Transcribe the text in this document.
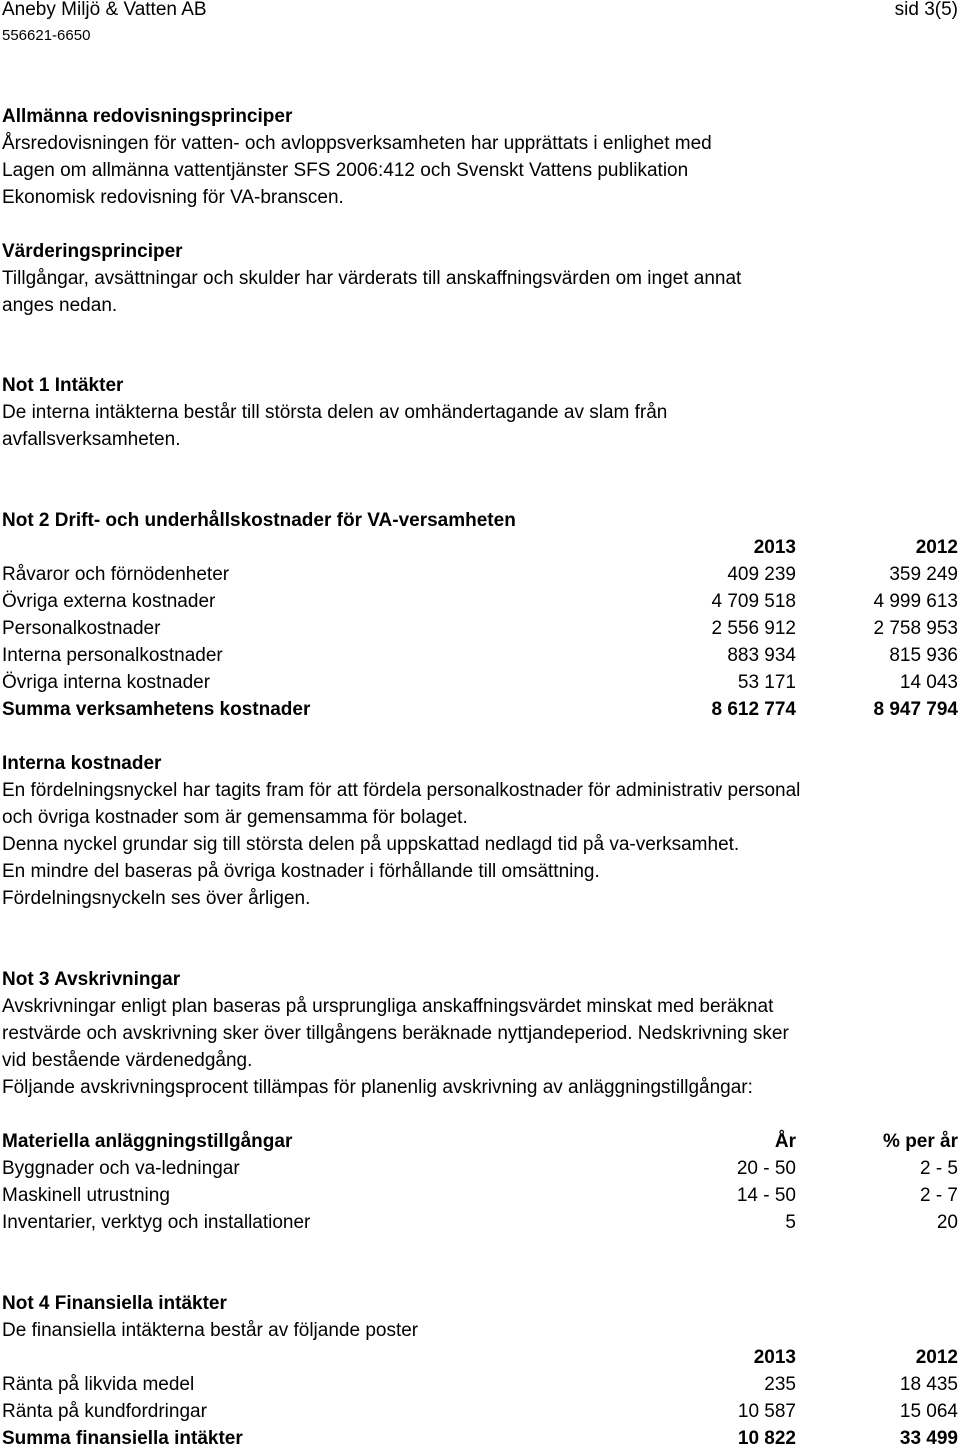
Aneby Miljö & Vatten AB
556621-6650
sid 3(5)
Allmänna redovisningsprinciper
Årsredovisningen för vatten- och avloppsverksamheten har upprättats i enlighet med
Lagen om allmänna vattentjänster SFS 2006:412 och Svenskt Vattens publikation
Ekonomisk redovisning för VA-branscen.
Värderingsprinciper
Tillgångar, avsättningar och skulder har värderats till anskaffningsvärden om inget annat
anges nedan.
Not 1 Intäkter
De interna intäkterna består till största delen av omhändertagande av slam från
avfallsverksamheten.
Not 2 Drift- och underhållskostnader för VA-versamheten
2013	2012
Råvaror och förnödenheter	409 239	359 249
Övriga externa kostnader	4 709 518	4 999 613
Personalkostnader	2 556 912	2 758 953
Interna personalkostnader	883 934	815 936
Övriga interna kostnader	53 171	14 043
Summa verksamhetens kostnader	8 612 774	8 947 794
Interna kostnader
En fördelningsnyckel har tagits fram för att fördela personalkostnader för administrativ personal
och övriga kostnader som är gemensamma för bolaget.
Denna nyckel grundar sig till största delen på uppskattad nedlagd tid på va-verksamhet.
En mindre del baseras på övriga kostnader i förhållande till omsättning.
Fördelningsnyckeln ses över årligen.
Not 3 Avskrivningar
Avskrivningar enligt plan baseras på ursprungliga anskaffningsvärdet minskat med beräknat
restvärde och avskrivning sker över tillgångens beräknade nyttjandeperiod. Nedskrivning sker
vid bestående värdenedgång.
Följande avskrivningsprocent tillämpas för planenlig avskrivning av anläggningstillgångar:
Materiella anläggningstillgångar	År	% per år
Byggnader och va-ledningar	20 - 50	2 - 5
Maskinell utrustning	14 - 50	2 - 7
Inventarier, verktyg och installationer	5	20
Not 4 Finansiella intäkter
De finansiella intäkterna består av följande poster
2013	2012
Ränta på likvida medel	235	18 435
Ränta på kundfordringar	10 587	15 064
Summa finansiella intäkter	10 822	33 499
